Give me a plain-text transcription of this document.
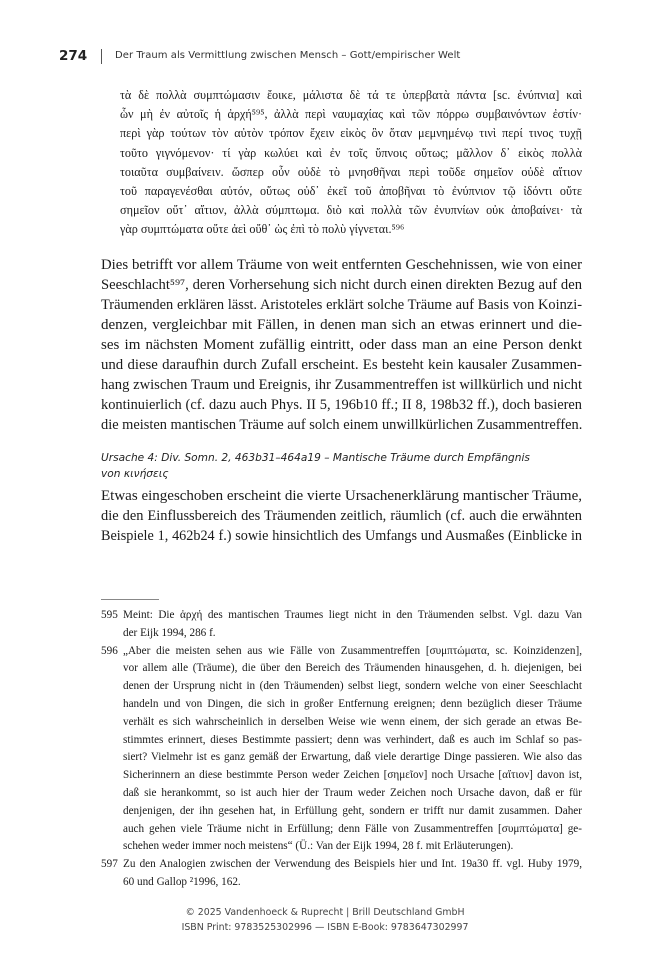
274	Der Traum als Vermittlung zwischen Mensch – Gott/empirischer Welt
τὰ δὲ πολλὰ συμπτώμασιν ἔοικε, μάλιστα δὲ τά τε ὑπερβατὰ πάντα [sc. ἐνύπνια] καὶ
ὧν μὴ ἐν αὐτοῖς ἡ ἀρχή⁵⁹⁵, ἀλλὰ περὶ ναυμαχίας καὶ τῶν πόρρω συμβαινόντων ἐστίν·
περὶ γὰρ τούτων τὸν αὐτὸν τρόπον ἔχειν εἰκὸς ὃν ὅταν μεμνημένῳ τινὶ περί τινος τυχῇ
τοῦτο γιγνόμενον· τί γὰρ κωλύει καὶ ἐν τοῖς ὕπνοις οὕτως; μᾶλλον δ᾽ εἰκὸς πολλὰ
τοιαῦτα συμβαίνειν. ὥσπερ οὖν οὐδὲ τὸ μνησθῆναι περὶ τοῦδε σημεῖον οὐδὲ αἴτιον
τοῦ παραγενέσθαι αὐτόν, οὕτως οὐδ᾽ ἐκεῖ τοῦ ἀποβῆναι τὸ ἐνύπνιον τῷ ἰδόντι οὔτε
σημεῖον οὔτ᾽ αἴτιον, ἀλλὰ σύμπτωμα. διὸ καὶ πολλὰ τῶν ἐνυπνίων οὐκ ἀποβαίνει· τὰ
γὰρ συμπτώματα οὔτε ἀεὶ οὔθ᾽ ὡς ἐπὶ τὸ πολὺ γίγνεται.⁵⁹⁶
Dies betrifft vor allem Träume von weit entfernten Geschehnissen, wie von einer
Seeschlacht⁵⁹⁷, deren Vorhersehung sich nicht durch einen direkten Bezug auf den
Träumenden erklären lässt. Aristoteles erklärt solche Träume auf Basis von Koinzi-
denzen, vergleichbar mit Fällen, in denen man sich an etwas erinnert und die-
ses im nächsten Moment zufällig eintritt, oder dass man an eine Person denkt
und diese daraufhin durch Zufall erscheint. Es besteht kein kausaler Zusammen-
hang zwischen Traum und Ereignis, ihr Zusammentreffen ist willkürlich und nicht
kontinuierlich (cf. dazu auch Phys. II 5, 196b10 ff.; II 8, 198b32 ff.), doch basieren
die meisten mantischen Träume auf solch einem unwillkürlichen Zusammentreffen.
Ursache 4: Div. Somn. 2, 463b31–464a19 – Mantische Träume durch Empfängnis
von κινήσεις
Etwas eingeschoben erscheint die vierte Ursachenerklärung mantischer Träume,
die den Einflussbereich des Träumenden zeitlich, räumlich (cf. auch die erwähnten
Beispiele 1, 462b24 f.) sowie hinsichtlich des Umfangs und Ausmaßes (Einblicke in
595 Meint: Die ἀρχή des mantischen Traumes liegt nicht in den Träumenden selbst. Vgl. dazu Van
der Eijk 1994, 286 f.
596 „Aber die meisten sehen aus wie Fälle von Zusammentreffen [συμπτώματα, sc. Koinzidenzen],
vor allem alle (Träume), die über den Bereich des Träumenden hinausgehen, d. h. diejenigen, bei
denen der Ursprung nicht in (den Träumenden) selbst liegt, sondern welche von einer Seeschlacht
handeln und von Dingen, die sich in großer Entfernung ereignen; denn bezüglich dieser Träume
verhält es sich wahrscheinlich in derselben Weise wie wenn einem, der sich gerade an etwas Be-
stimmtes erinnert, dieses Bestimmte passiert; denn was verhindert, daß es auch im Schlaf so pas-
siert? Vielmehr ist es ganz gemäß der Erwartung, daß viele derartige Dinge passieren. Wie also das
Sicherinnern an diese bestimmte Person weder Zeichen [σημεῖον] noch Ursache [αἴτιον] davon ist,
daß sie herankommt, so ist auch hier der Traum weder Zeichen noch Ursache davon, daß er für
denjenigen, der ihn gesehen hat, in Erfüllung geht, sondern er trifft nur damit zusammen. Daher
auch gehen viele Träume nicht in Erfüllung; denn Fälle von Zusammentreffen [συμπτώματα] ge-
schehen weder immer noch meistens“ (Ü.: Van der Eijk 1994, 28 f. mit Erläuterungen).
597 Zu den Analogien zwischen der Verwendung des Beispiels hier und Int. 19a30 ff. vgl. Huby 1979,
60 und Gallop ²1996, 162.
© 2025 Vandenhoeck & Ruprecht | Brill Deutschland GmbH
ISBN Print: 9783525302996 — ISBN E-Book: 9783647302997
